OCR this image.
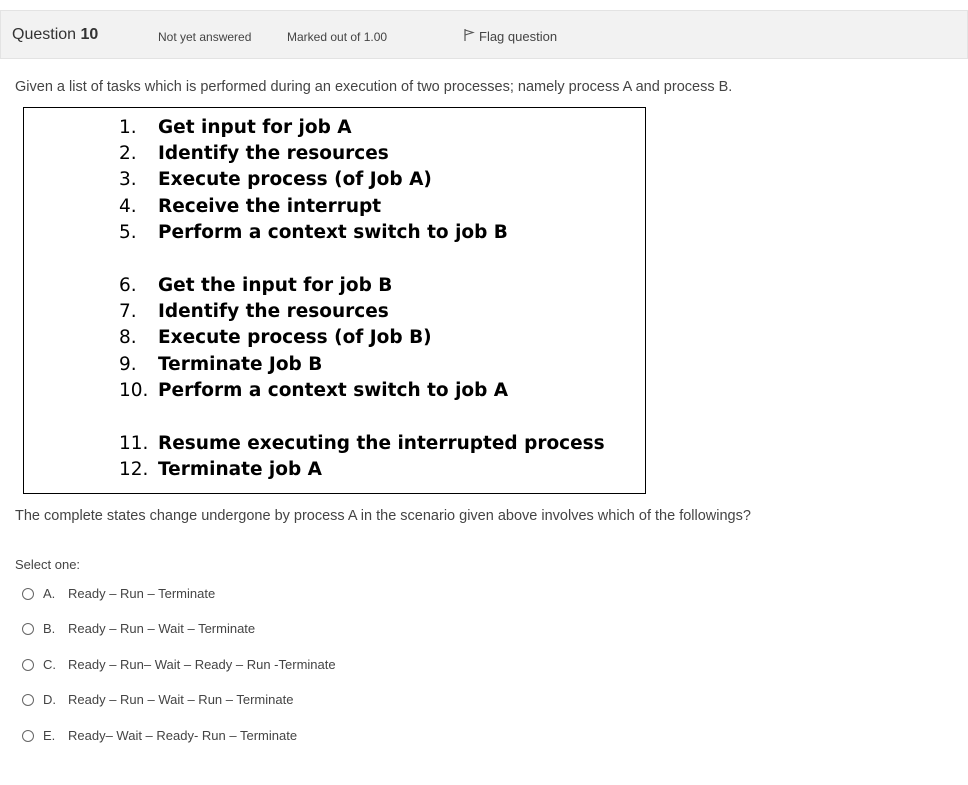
Question 10	Not yet answered	Marked out of 1.00	Flag question
Given a list of tasks which is performed during an execution of two processes; namely process A and process B.
1. Get input for job A
2. Identify the resources
3. Execute process (of Job A)
4. Receive the interrupt
5. Perform a context switch to job B
6. Get the input for job B
7. Identify the resources
8. Execute process (of Job B)
9. Terminate Job B
10. Perform a context switch to job A
11. Resume executing the interrupted process
12. Terminate job A
The complete states change undergone by process A in the scenario given above involves which of the followings?
Select one:
A. Ready – Run – Terminate
B. Ready – Run – Wait – Terminate
C. Ready – Run– Wait – Ready – Run -Terminate
D. Ready – Run – Wait – Run – Terminate
E. Ready– Wait – Ready- Run – Terminate
